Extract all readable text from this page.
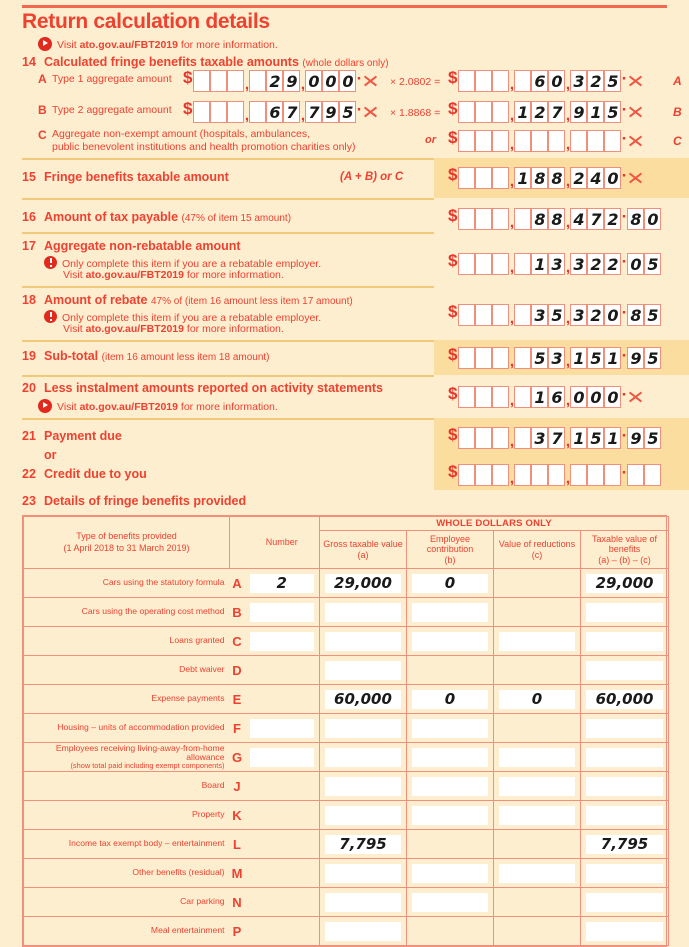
Return calculation details
Visit ato.gov.au/FBT2019 for more information.
14 Calculated fringe benefits taxable amounts (whole dollars only)
A Type 1 aggregate amount $	, 2 9 , 0 0 0 ·	× 2.0802 = $	, 6 0 , 3 2 5 ·	A
B Type 2 aggregate amount $	, 6 7 , 7 9 5 ·	× 1.8868 = $	, 1 2 7 , 9 1 5 ·	B
C Aggregate non-exempt amount (hospitals, ambulances,
public benevolent institutions and health promotion charities only)
or $	,	,	·	C
15 Fringe benefits taxable amount	(A + B) or C	$	, 1 8 8 , 2 4 0 ·
16 Amount of tax payable (47% of item 15 amount)	$	, 8 8 , 4 7 2 · 8 0
17 Aggregate non-rebatable amount
Only complete this item if you are a rebatable employer.
Visit ato.gov.au/FBT2019 for more information.
$	, 1 3 , 3 2 2 · 0 5
18 Amount of rebate 47% of (item 16 amount less item 17 amount)
Only complete this item if you are a rebatable employer.
Visit ato.gov.au/FBT2019 for more information.
$	, 3 5 , 3 2 0 · 8 5
19 Sub-total (item 16 amount less item 18 amount)	$	, 5 3 , 1 5 1 · 9 5
20 Less instalment amounts reported on activity statements
Visit ato.gov.au/FBT2019 for more information.
$	, 1 6 , 0 0 0 ·
21 Payment due
or
$	, 3 7 , 1 5 1 · 9 5
22 Credit due to you	$	,	,	·
23 Details of fringe benefits provided
Type of benefits provided
(1 April 2018 to 31 March 2019)		Number	WHOLE DOLLARS ONLY			

Gross taxable value
(a)

Employee contribution
(b)

Value of reductions
(c)

Taxable value of benefits
(a) – (b) – (c)

Cars using the statutory formula	A	2	29,000	0		29,000

Cars using the operating cost method	B	

Loans granted	C	

Debt waiver	D	

Expense payments	E		60,000	0	0	60,000

Housing – units of accommodation provided	F	

Employees receiving living-away-from-home allowance
(show total paid including exempt components)	G	

Board	J	

Property	K	

Income tax exempt body – entertainment	L		7,795			7,795

Other benefits (residual)	M	

Car parking	N	

Meal entertainment	P	
